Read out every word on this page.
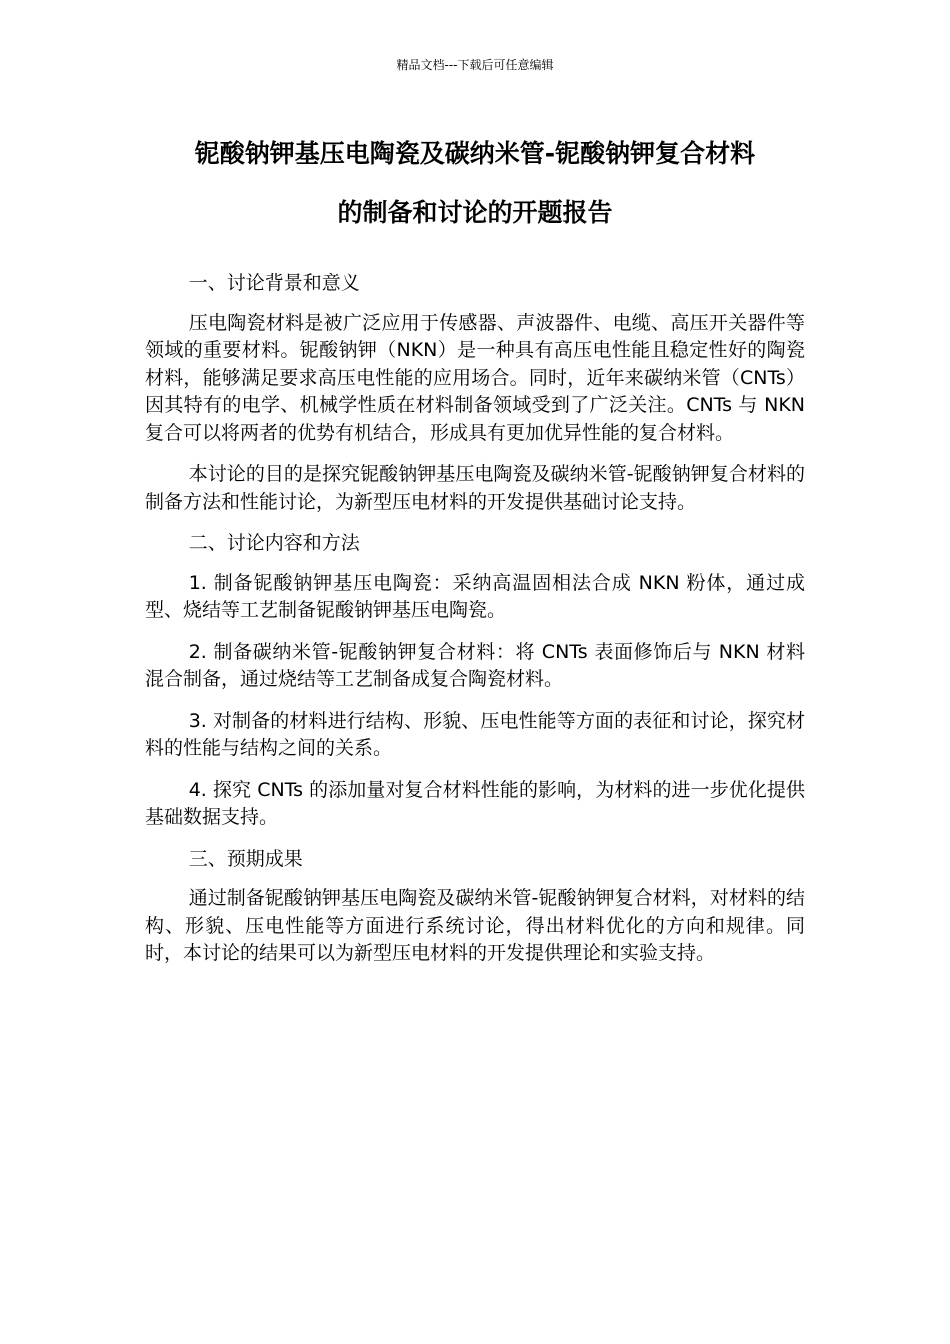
精品文档---下载后可任意编辑
铌酸钠钾基压电陶瓷及碳纳米管-铌酸钠钾复合材料
的制备和讨论的开题报告

一、讨论背景和意义

压电陶瓷材料是被广泛应用于传感器、声波器件、电缆、高压开关器件等领域的重要材料。铌酸钠钾（NKN）是一种具有高压电性能且稳定性好的陶瓷材料，能够满足要求高压电性能的应用场合。同时，近年来碳纳米管（CNTs）因其特有的电学、机械学性质在材料制备领域受到了广泛关注。CNTs 与 NKN 复合可以将两者的优势有机结合，形成具有更加优异性能的复合材料。

本讨论的目的是探究铌酸钠钾基压电陶瓷及碳纳米管-铌酸钠钾复合材料的制备方法和性能讨论，为新型压电材料的开发提供基础讨论支持。

二、讨论内容和方法

1. 制备铌酸钠钾基压电陶瓷：采纳高温固相法合成 NKN 粉体，通过成型、烧结等工艺制备铌酸钠钾基压电陶瓷。

2. 制备碳纳米管-铌酸钠钾复合材料：将 CNTs 表面修饰后与 NKN 材料混合制备，通过烧结等工艺制备成复合陶瓷材料。

3. 对制备的材料进行结构、形貌、压电性能等方面的表征和讨论，探究材料的性能与结构之间的关系。

4. 探究 CNTs 的添加量对复合材料性能的影响，为材料的进一步优化提供基础数据支持。

三、预期成果

通过制备铌酸钠钾基压电陶瓷及碳纳米管-铌酸钠钾复合材料，对材料的结构、形貌、压电性能等方面进行系统讨论，得出材料优化的方向和规律。同时，本讨论的结果可以为新型压电材料的开发提供理论和实验支持。
